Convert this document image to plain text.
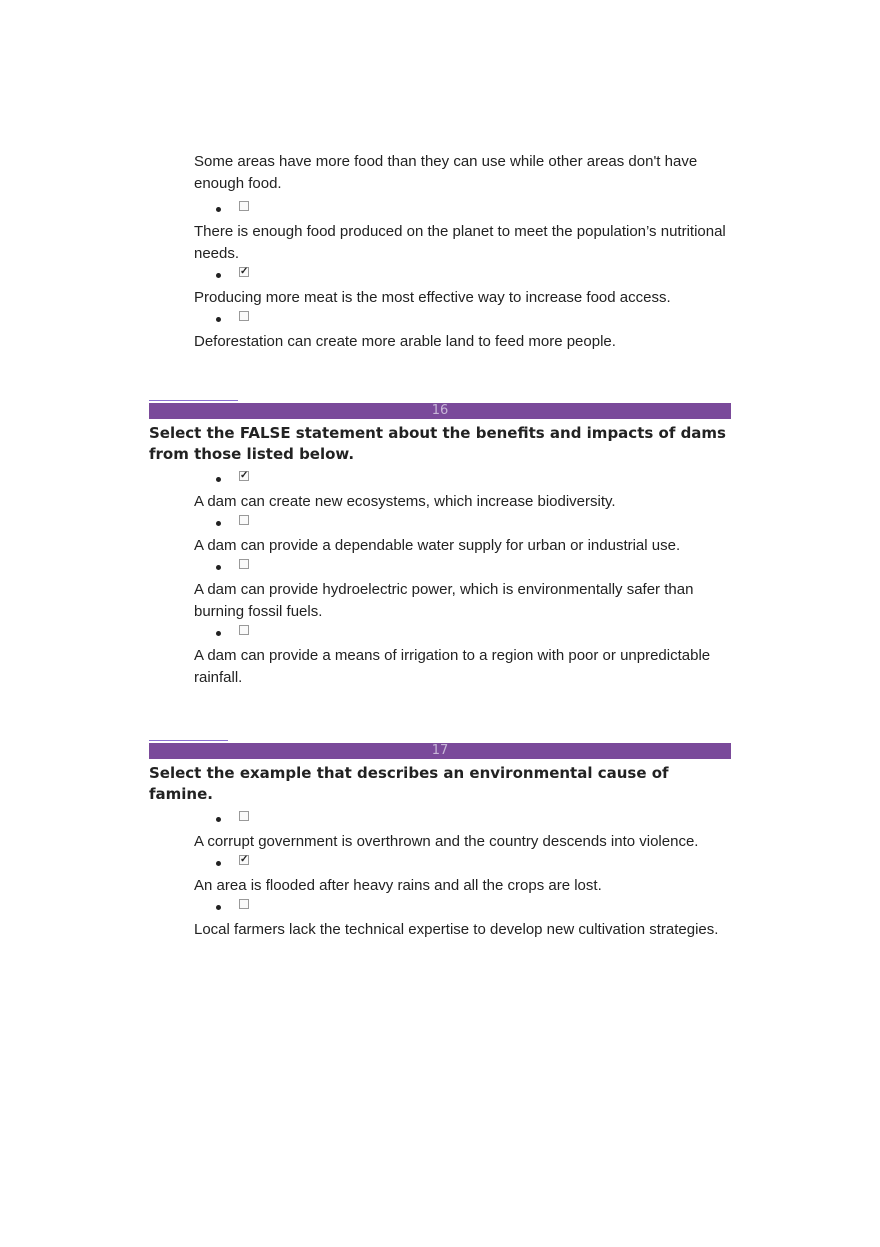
Some areas have more food than they can use while other areas don't have enough food.
There is enough food produced on the planet to meet the population’s nutritional needs.
✓
Producing more meat is the most effective way to increase food access.
Deforestation can create more arable land to feed more people.
16
Select the FALSE statement about the benefits and impacts of dams from those listed below.
✓
A dam can create new ecosystems, which increase biodiversity.
A dam can provide a dependable water supply for urban or industrial use.
A dam can provide hydroelectric power, which is environmentally safer than burning fossil fuels.
A dam can provide a means of irrigation to a region with poor or unpredictable rainfall.
17
Select the example that describes an environmental cause of famine.
A corrupt government is overthrown and the country descends into violence.
✓
An area is flooded after heavy rains and all the crops are lost.
Local farmers lack the technical expertise to develop new cultivation strategies.
